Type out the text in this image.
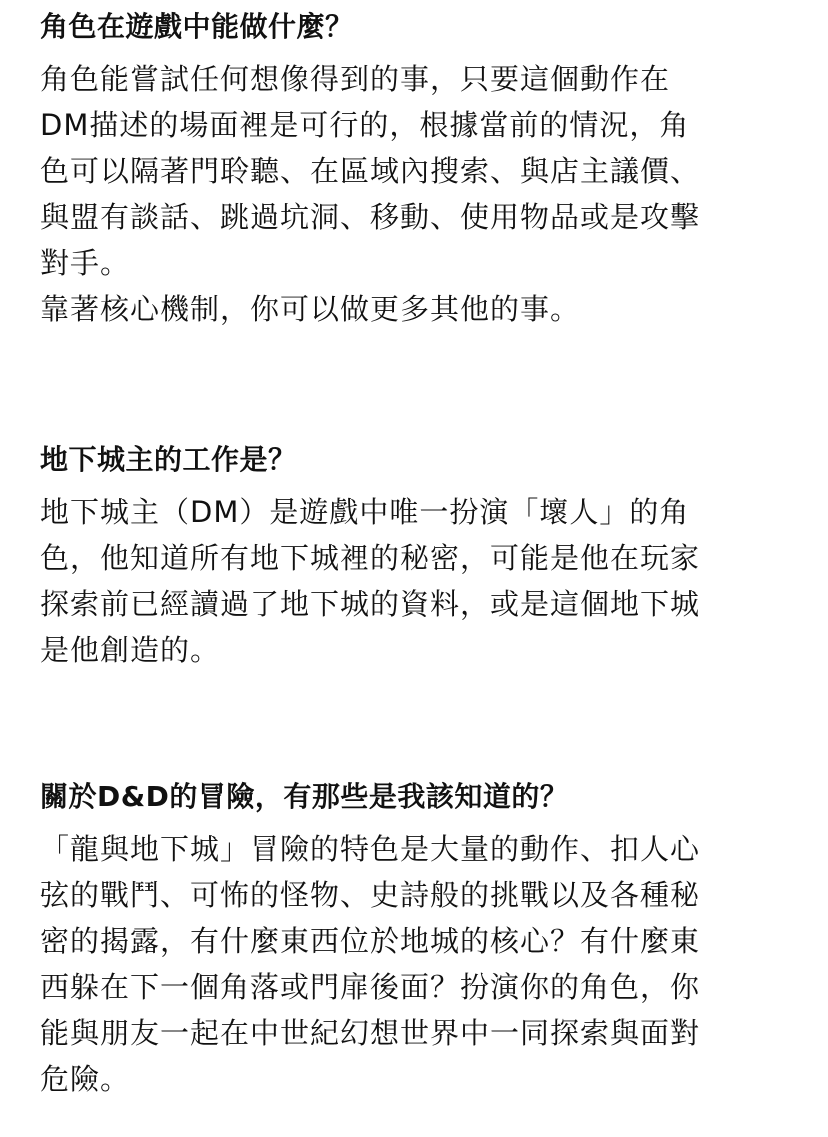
角色在遊戲中能做什麼？

角色能嘗試任何想像得到的事，只要這個動作在
DM描述的場面裡是可行的，根據當前的情況，角
色可以隔著門聆聽、在區域內搜索、與店主議價、
與盟有談話、跳過坑洞、移動、使用物品或是攻擊
對手。
靠著核心機制，你可以做更多其他的事。

地下城主的工作是？

地下城主（DM）是遊戲中唯一扮演「壞人」的角
色，他知道所有地下城裡的秘密，可能是他在玩家
探索前已經讀過了地下城的資料，或是這個地下城
是他創造的。

關於D&D的冒險，有那些是我該知道的？

「龍與地下城」冒險的特色是大量的動作、扣人心
弦的戰鬥、可怖的怪物、史詩般的挑戰以及各種秘
密的揭露，有什麼東西位於地城的核心？有什麼東
西躲在下一個角落或門扉後面？扮演你的角色，你
能與朋友一起在中世紀幻想世界中一同探索與面對
危險。
